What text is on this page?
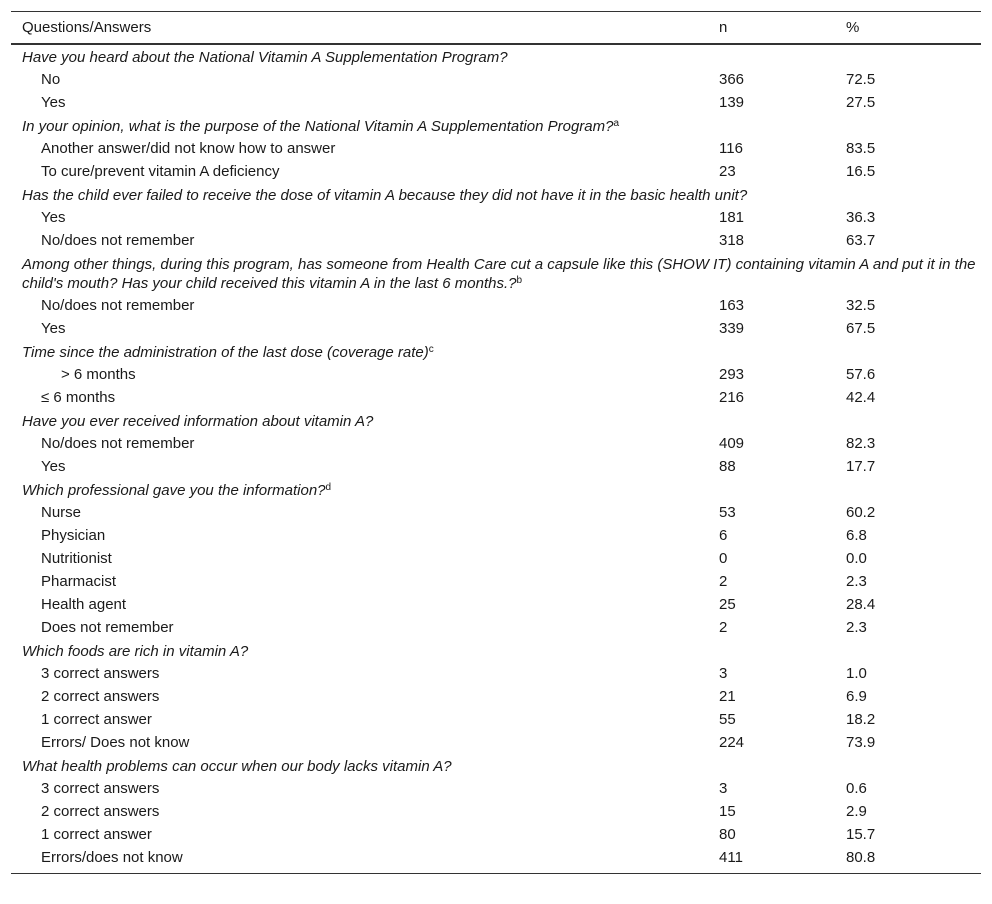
Questions/Answers	n	%
Have you heard about the National Vitamin A Supplementation Program?		
No	366	72.5
Yes	139	27.5
In your opinion, what is the purpose of the National Vitamin A Supplementation Program?$^a$
Another answer/did not know how to answer	116	83.5
To cure/prevent vitamin A deficiency	23	16.5
Has the child ever failed to receive the dose of vitamin A because they did not have it in the basic health unit?		
Yes	181	36.3
No/does not remember	318	63.7
Among other things, during this program, has someone from Health Care cut a capsule like this (SHOW IT) containing vitamin A and put it in the child's mouth? Has your child received this vitamin A in the last 6 months.?$^b$
No/does not remember	163	32.5
Yes	339	67.5
Time since the administration of the last dose (coverage rate)$^c$
> 6 months	293	57.6
≤ 6 months	216	42.4
Have you ever received information about vitamin A?		
No/does not remember	409	82.3
Yes	88	17.7
Which professional gave you the information?$^d$
Nurse	53	60.2
Physician	6	6.8
Nutritionist	0	0.0
Pharmacist	2	2.3
Health agent	25	28.4
Does not remember	2	2.3
Which foods are rich in vitamin A?		
3 correct answers	3	1.0
2 correct answers	21	6.9
1 correct answer	55	18.2
Errors/ Does not know	224	73.9
What health problems can occur when our body lacks vitamin A?		
3 correct answers	3	0.6
2 correct answers	15	2.9
1 correct answer	80	15.7
Errors/does not know	411	80.8
